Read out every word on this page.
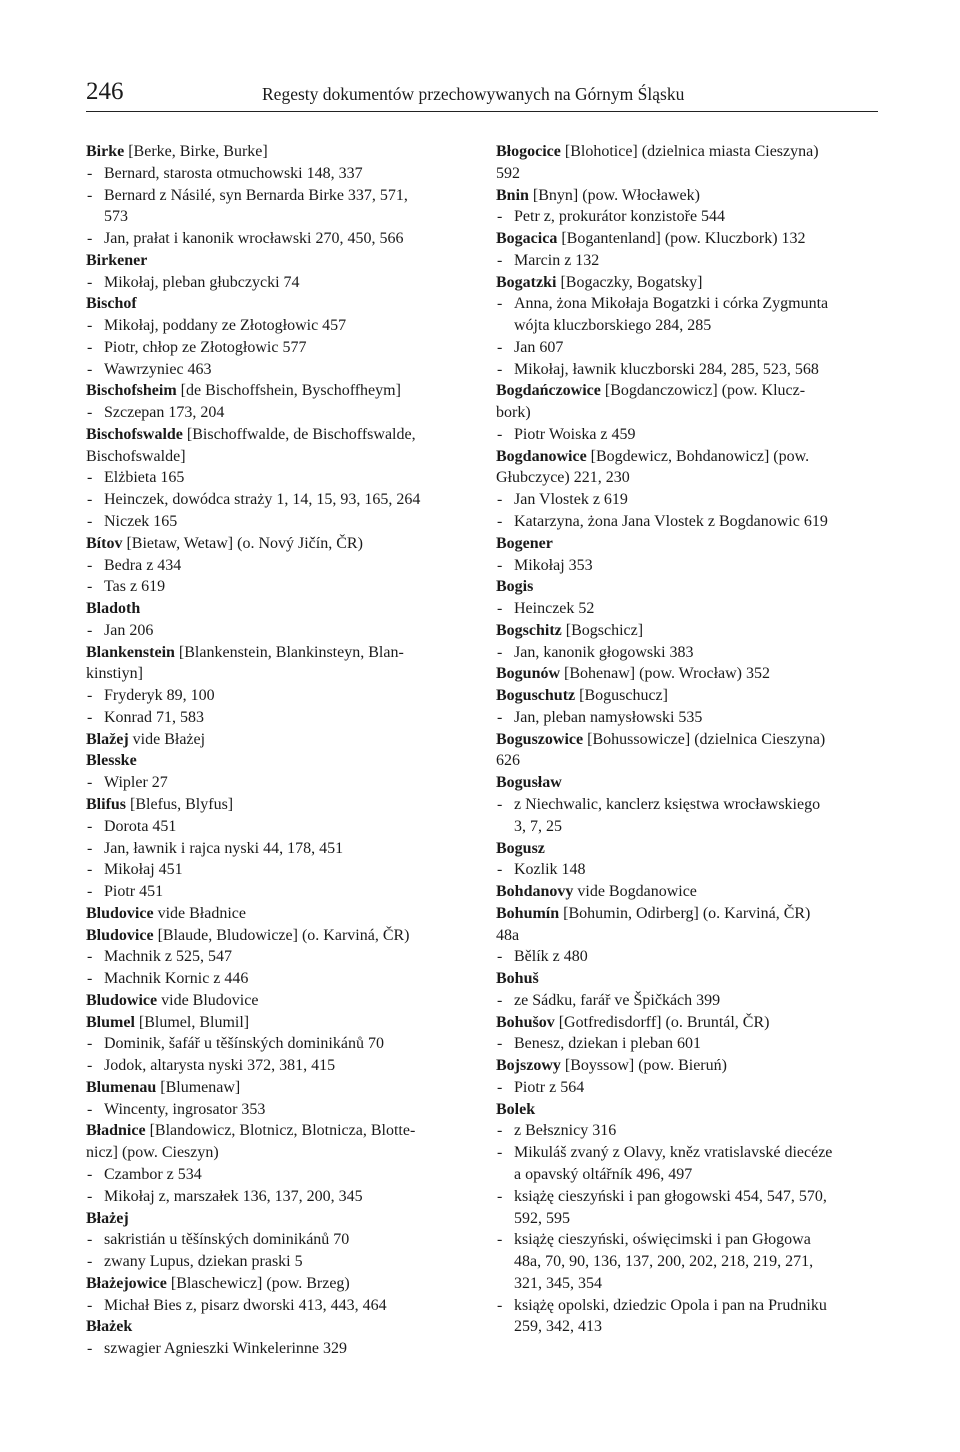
246	Regesty dokumentów przechowywanych na Górnym Śląsku
Birke [Berke, Birke, Burke]
- Bernard, starosta otmuchowski 148, 337
- Bernard z Násilé, syn Bernarda Birke 337, 571,
573
- Jan, prałat i kanonik wrocławski 270, 450, 566
Birkener
- Mikołaj, pleban głubczycki 74
Bischof
- Mikołaj, poddany ze Złotogłowic 457
- Piotr, chłop ze Złotogłowic 577
- Wawrzyniec 463
Bischofsheim [de Bischoffshein, Byschoffheym]
- Szczepan 173, 204
Bischofswalde [Bischoffwalde, de Bischoffswalde,
Bischofswalde]
- Elżbieta 165
- Heinczek, dowódca straży 1, 14, 15, 93, 165, 264
- Niczek 165
Bítov [Bietaw, Wetaw] (o. Nový Jičín, ČR)
- Bedra z 434
- Tas z 619
Bladoth
- Jan 206
Blankenstein [Blankenstein, Blankinsteyn, Blan-
kinstiyn]
- Fryderyk 89, 100
- Konrad 71, 583
Blažej vide Błażej
Blesske
- Wipler 27
Blifus [Blefus, Blyfus]
- Dorota 451
- Jan, ławnik i rajca nyski 44, 178, 451
- Mikołaj 451
- Piotr 451
Bludovice vide Bładnice
Bludovice [Blaude, Bludowicze] (o. Karviná, ČR)
- Machnik z 525, 547
- Machnik Kornic z 446
Bludowice vide Bludovice
Blumel [Blumel, Blumil]
- Dominik, šafář u těšínských dominikánů 70
- Jodok, altarysta nyski 372, 381, 415
Blumenau [Blumenaw]
- Wincenty, ingrosator 353
Bładnice [Blandowicz, Blotnicz, Blotnicza, Blotte-
nicz] (pow. Cieszyn)
- Czambor z 534
- Mikołaj z, marszałek 136, 137, 200, 345
Błażej
- sakristián u těšínských dominikánů 70
- zwany Lupus, dziekan praski 5
Błażejowice [Blaschewicz] (pow. Brzeg)
- Michał Bies z, pisarz dworski 413, 443, 464
Błażek
- szwagier Agnieszki Winkelerinne 329
Błogocice [Blohotice] (dzielnica miasta Cieszyna)
592
Bnin [Bnyn] (pow. Włocławek)
- Petr z, prokurátor konzistoře 544
Bogacica [Bogantenland] (pow. Kluczbork) 132
- Marcin z 132
Bogatzki [Bogaczky, Bogatsky]
- Anna, żona Mikołaja Bogatzki i córka Zygmunta
wójta kluczborskiego 284, 285
- Jan 607
- Mikołaj, ławnik kluczborski 284, 285, 523, 568
Bogdańczowice [Bogdanczowicz] (pow. Klucz-
bork)
- Piotr Woiska z 459
Bogdanowice [Bogdewicz, Bohdanowicz] (pow.
Głubczyce) 221, 230
- Jan Vlostek z 619
- Katarzyna, żona Jana Vlostek z Bogdanowic 619
Bogener
- Mikołaj 353
Bogis
- Heinczek 52
Bogschitz [Bogschicz]
- Jan, kanonik głogowski 383
Bogunów [Bohenaw] (pow. Wrocław) 352
Boguschutz [Boguschucz]
- Jan, pleban namysłowski 535
Boguszowice [Bohussowicze] (dzielnica Cieszyna)
626
Bogusław
- z Niechwalic, kanclerz księstwa wrocławskiego
3, 7, 25
Bogusz
- Kozlik 148
Bohdanovy vide Bogdanowice
Bohumín [Bohumin, Odirberg] (o. Karviná, ČR)
48a
- Bělík z 480
Bohuš
- ze Sádku, farář ve Špičkách 399
Bohušov [Gotfredisdorff] (o. Bruntál, ČR)
- Benesz, dziekan i pleban 601
Bojszowy [Boyssow] (pow. Bieruń)
- Piotr z 564
Bolek
- z Bełsznicy 316
- Mikuláš zvaný z Olavy, kněz vratislavské diecéze
a opavský oltářník 496, 497
- książę cieszyński i pan głogowski 454, 547, 570,
592, 595
- książę cieszyński, oświęcimski i pan Głogowa
48a, 70, 90, 136, 137, 200, 202, 218, 219, 271,
321, 345, 354
- książę opolski, dziedzic Opola i pan na Prudniku
259, 342, 413
